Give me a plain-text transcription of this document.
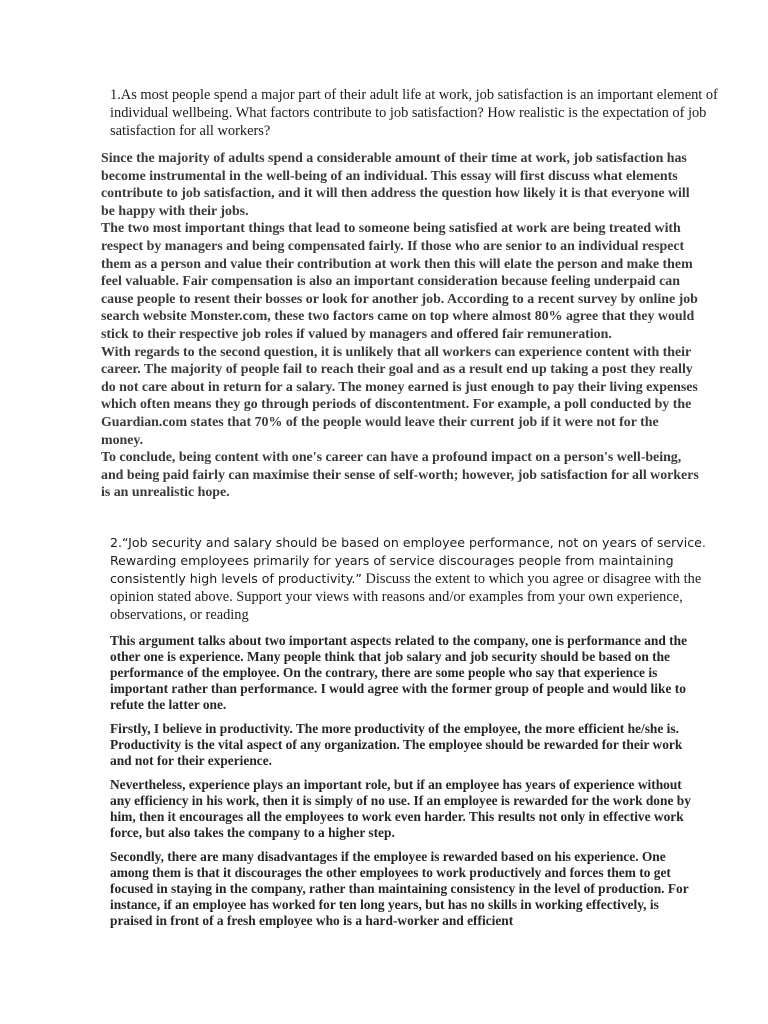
1.As most people spend a major part of their adult life at work, job satisfaction is an important element of individual wellbeing. What factors contribute to job satisfaction? How realistic is the expectation of job satisfaction for all workers?

Since the majority of adults spend a considerable amount of their time at work, job satisfaction has become instrumental in the well-being of an individual. This essay will first discuss what elements contribute to job satisfaction, and it will then address the question how likely it is that everyone will be happy with their jobs.

The two most important things that lead to someone being satisfied at work are being treated with respect by managers and being compensated fairly. If those who are senior to an individual respect them as a person and value their contribution at work then this will elate the person and make them feel valuable. Fair compensation is also an important consideration because feeling underpaid can cause people to resent their bosses or look for another job. According to a recent survey by online job search website Monster.com, these two factors came on top where almost 80% agree that they would stick to their respective job roles if valued by managers and offered fair remuneration.

With regards to the second question, it is unlikely that all workers can experience content with their career. The majority of people fail to reach their goal and as a result end up taking a post they really do not care about in return for a salary. The money earned is just enough to pay their living expenses which often means they go through periods of discontentment. For example, a poll conducted by the Guardian.com states that 70% of the people would leave their current job if it were not for the money.

To conclude, being content with one's career can have a profound impact on a person's well-being, and being paid fairly can maximise their sense of self-worth; however, job satisfaction for all workers is an unrealistic hope.

2.“Job security and salary should be based on employee performance, not on years of service. Rewarding employees primarily for years of service discourages people from maintaining consistently high levels of productivity.” Discuss the extent to which you agree or disagree with the opinion stated above. Support your views with reasons and/or examples from your own experience, observations, or reading

This argument talks about two important aspects related to the company, one is performance and the other one is experience. Many people think that job salary and job security should be based on the performance of the employee. On the contrary, there are some people who say that experience is important rather than performance. I would agree with the former group of people and would like to refute the latter one.

Firstly, I believe in productivity. The more productivity of the employee, the more efficient he/she is. Productivity is the vital aspect of any organization. The employee should be rewarded for their work and not for their experience.

Nevertheless, experience plays an important role, but if an employee has years of experience without any efficiency in his work, then it is simply of no use. If an employee is rewarded for the work done by him, then it encourages all the employees to work even harder. This results not only in effective work force, but also takes the company to a higher step.

Secondly, there are many disadvantages if the employee is rewarded based on his experience. One among them is that it discourages the other employees to work productively and forces them to get focused in staying in the company, rather than maintaining consistency in the level of production. For instance, if an employee has worked for ten long years, but has no skills in working effectively, is praised in front of a fresh employee who is a hard-worker and efficient
